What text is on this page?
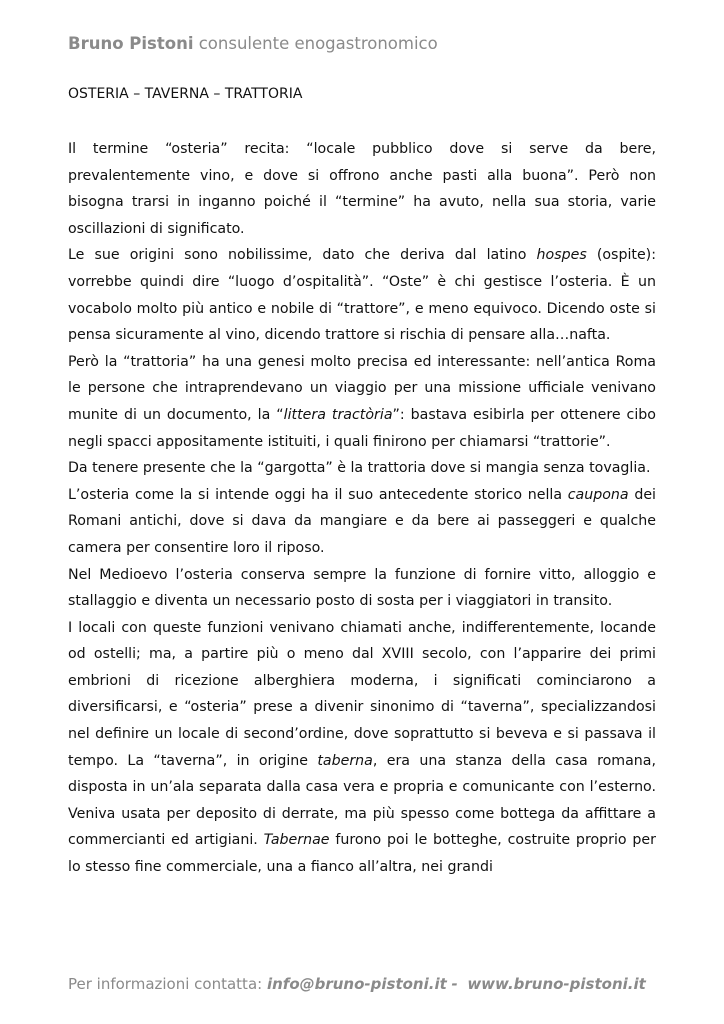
Bruno Pistoni consulente enogastronomico
OSTERIA – TAVERNA – TRATTORIA

Il termine “osteria” recita: “locale pubblico dove si serve da bere, prevalentemente vino, e dove si offrono anche pasti alla buona”. Però non bisogna trarsi in inganno poiché il “termine” ha avuto, nella sua storia, varie oscillazioni di significato.

Le sue origini sono nobilissime, dato che deriva dal latino hospes (ospite): vorrebbe quindi dire “luogo d’ospitalità”. “Oste” è chi gestisce l’osteria. È un vocabolo molto più antico e nobile di “trattore”, e meno equivoco. Dicendo oste si pensa sicuramente al vino, dicendo trattore si rischia di pensare alla…nafta.

Però la “trattoria” ha una genesi molto precisa ed interessante: nell’antica Roma le persone che intraprendevano un viaggio per una missione ufficiale venivano munite di un documento, la “littera tractòria”: bastava esibirla per ottenere cibo negli spacci appositamente istituiti, i quali finirono per chiamarsi “trattorie”.

Da tenere presente che la “gargotta” è la trattoria dove si mangia senza tovaglia.

L’osteria come la si intende oggi ha il suo antecedente storico nella caupona dei Romani antichi, dove si dava da mangiare e da bere ai passeggeri e qualche camera per consentire loro il riposo.

Nel Medioevo l’osteria conserva sempre la funzione di fornire vitto, alloggio e stallaggio e diventa un necessario posto di sosta per i viaggiatori in transito.

I locali con queste funzioni venivano chiamati anche, indifferentemente, locande od ostelli; ma, a partire più o meno dal XVIII secolo, con l’apparire dei primi embrioni di ricezione alberghiera moderna, i significati cominciarono a diversificarsi, e “osteria” prese a divenir sinonimo di “taverna”, specializzandosi nel definire un locale di second’ordine, dove soprattutto si beveva e si passava il tempo. La “taverna”, in origine taberna, era una stanza della casa romana, disposta in un’ala separata dalla casa vera e propria e comunicante con l’esterno. Veniva usata per deposito di derrate, ma più spesso come bottega da affittare a commercianti ed artigiani. Tabernae furono poi le botteghe, costruite proprio per lo stesso fine commerciale, una a fianco all’altra, nei grandi

Per informazioni contatta: info@bruno-pistoni.it - www.bruno-pistoni.it
